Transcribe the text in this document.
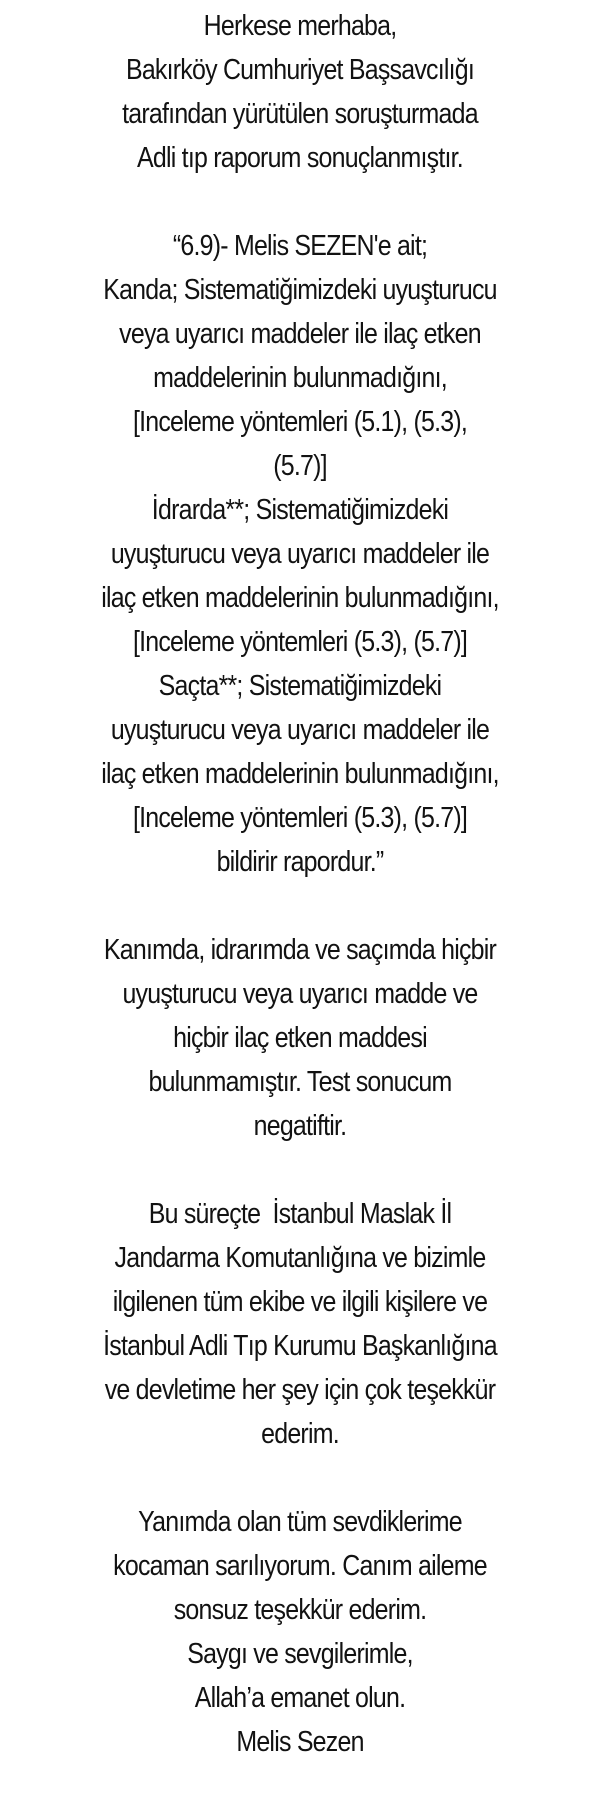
Herkese merhaba,
Bakırköy Cumhuriyet Başsavcılığı
tarafından yürütülen soruşturmada
Adli tıp raporum sonuçlanmıştır.
“6.9)- Melis SEZEN'e ait;
Kanda; Sistematiğimizdeki uyuşturucu
veya uyarıcı maddeler ile ilaç etken
maddelerinin bulunmadığını,
[Inceleme yöntemleri (5.1), (5.3),
(5.7)]
İdrarda**; Sistematiğimizdeki
uyuşturucu veya uyarıcı maddeler ile
ilaç etken maddelerinin bulunmadığını,
[Inceleme yöntemleri (5.3), (5.7)]
Saçta**; Sistematiğimizdeki
uyuşturucu veya uyarıcı maddeler ile
ilaç etken maddelerinin bulunmadığını,
[Inceleme yöntemleri (5.3), (5.7)]
bildirir rapordur.”
Kanımda, idrarımda ve saçımda hiçbir
uyuşturucu veya uyarıcı madde ve
hiçbir ilaç etken maddesi
bulunmamıştır. Test sonucum
negatiftir.
Bu süreçte  İstanbul Maslak İl
Jandarma Komutanlığına ve bizimle
ilgilenen tüm ekibe ve ilgili kişilere ve
İstanbul Adli Tıp Kurumu Başkanlığına
ve devletime her şey için çok teşekkür
ederim.
Yanımda olan tüm sevdiklerime
kocaman sarılıyorum. Canım aileme
sonsuz teşekkür ederim.
Saygı ve sevgilerimle,
Allah’a emanet olun.
Melis Sezen
